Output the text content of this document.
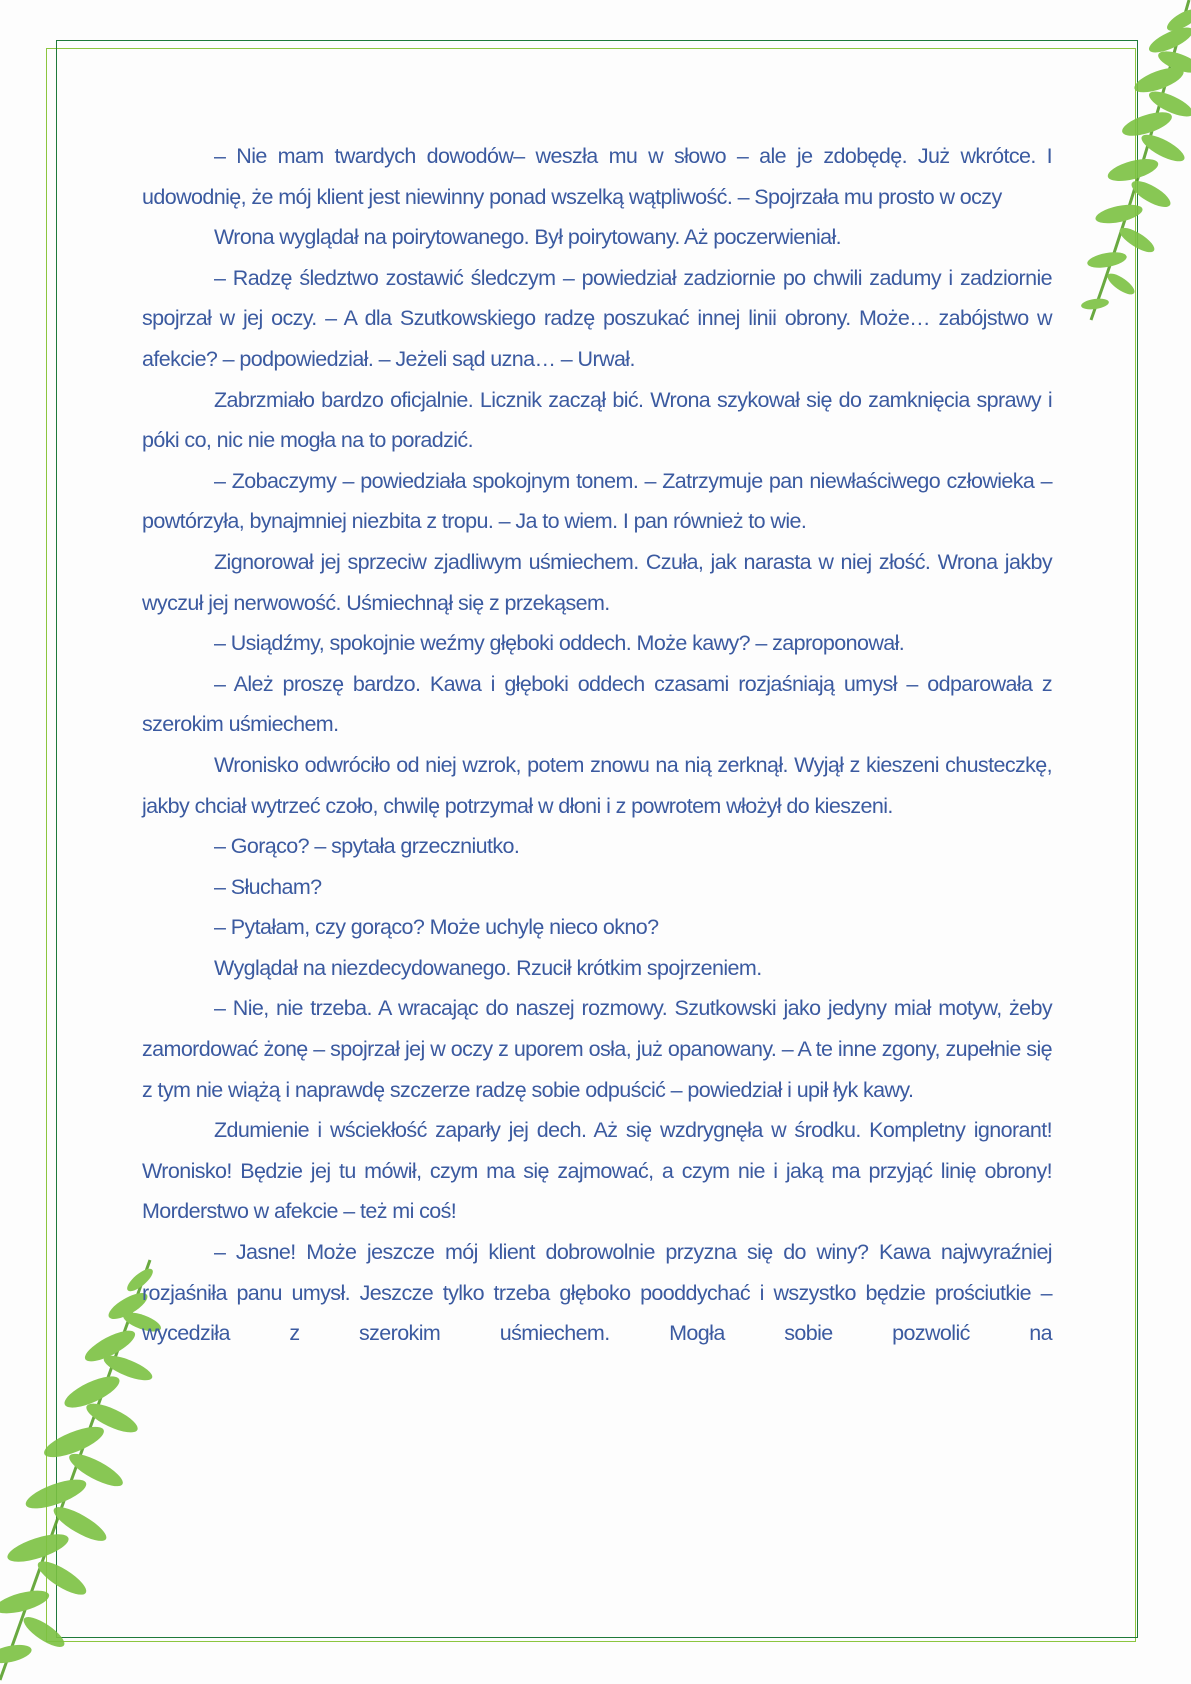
– Nie mam twardych dowodów– weszła mu w słowo – ale je zdobędę. Już wkrótce. I udowodnię, że mój klient jest niewinny ponad wszelką wątpliwość. – Spojrzała mu prosto w oczy

Wrona wyglądał na poirytowanego. Był poirytowany. Aż poczerwieniał.

– Radzę śledztwo zostawić śledczym – powiedział zadziornie po chwili zadumy i zadziornie spojrzał w jej oczy. – A dla Szutkowskiego radzę poszukać innej linii obrony. Może… zabójstwo w afekcie? – podpowiedział. – Jeżeli sąd uzna… – Urwał.

Zabrzmiało bardzo oficjalnie. Licznik zaczął bić. Wrona szykował się do zamknięcia sprawy i póki co, nic nie mogła na to poradzić.

– Zobaczymy – powiedziała spokojnym tonem. – Zatrzymuje pan niewłaściwego człowieka – powtórzyła, bynajmniej niezbita z tropu. – Ja to wiem. I pan również to wie.

Zignorował jej sprzeciw zjadliwym uśmiechem. Czuła, jak narasta w niej złość. Wrona jakby wyczuł jej nerwowość. Uśmiechnął się z przekąsem.

– Usiądźmy, spokojnie weźmy głęboki oddech. Może kawy? – zaproponował.

– Ależ proszę bardzo. Kawa i głęboki oddech czasami rozjaśniają umysł – odparowała z szerokim uśmiechem.

Wronisko odwróciło od niej wzrok, potem znowu na nią zerknął. Wyjął z kieszeni chusteczkę, jakby chciał wytrzeć czoło, chwilę potrzymał w dłoni i z powrotem włożył do kieszeni.

– Gorąco? – spytała grzeczniutko.

– Słucham?

– Pytałam, czy gorąco? Może uchylę nieco okno?

Wyglądał na niezdecydowanego. Rzucił krótkim spojrzeniem.

– Nie, nie trzeba. A wracając do naszej rozmowy. Szutkowski jako jedyny miał motyw, żeby zamordować żonę – spojrzał jej w oczy z uporem osła, już opanowany. – A te inne zgony, zupełnie się z tym nie wiążą i naprawdę szczerze radzę sobie odpuścić – powiedział i upił łyk kawy.

Zdumienie i wściekłość zaparły jej dech. Aż się wzdrygnęła w środku. Kompletny ignorant! Wronisko! Będzie jej tu mówił, czym ma się zajmować, a czym nie i jaką ma przyjąć linię obrony! Morderstwo w afekcie – też mi coś!

– Jasne! Może jeszcze mój klient dobrowolnie przyzna się do winy? Kawa najwyraźniej rozjaśniła panu umysł. Jeszcze tylko trzeba głęboko pooddychać i wszystko będzie prościutkie – wycedziła z szerokim uśmiechem. Mogła sobie pozwolić na
